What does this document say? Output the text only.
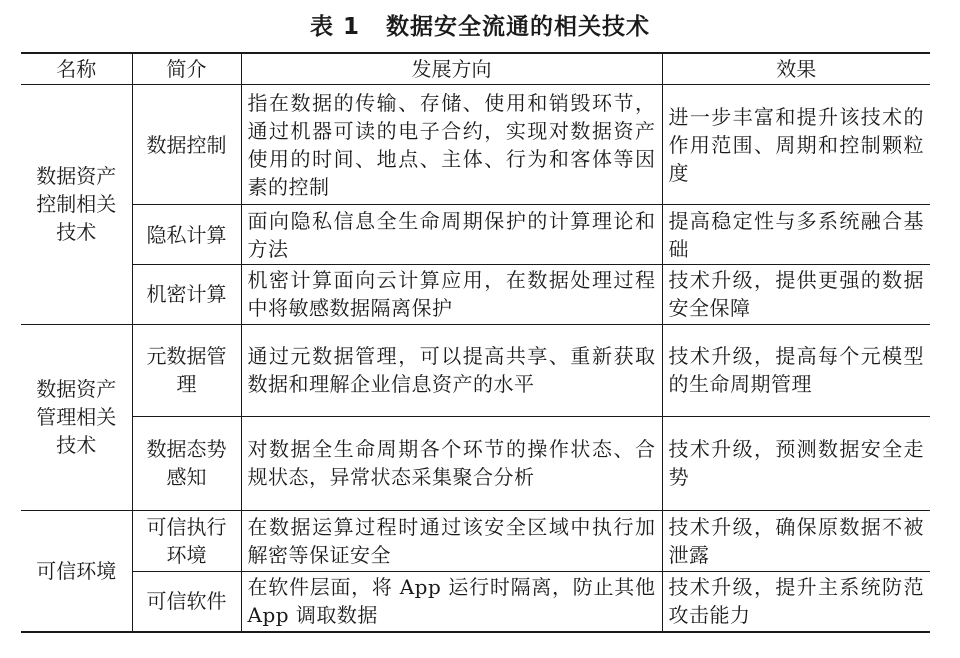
表 1 数据安全流通的相关技术
名称	简介	发展方向	效果
数据资产控制相关技术	数据控制	指在数据的传输、存储、使用和销毁环节，通过机器可读的电子合约，实现对数据资产使用的时间、地点、主体、行为和客体等因素的控制	进一步丰富和提升该技术的作用范围、周期和控制颗粒度
	隐私计算	面向隐私信息全生命周期保护的计算理论和方法	提高稳定性与多系统融合基础
	机密计算	机密计算面向云计算应用，在数据处理过程中将敏感数据隔离保护	技术升级，提供更强的数据安全保障
数据资产管理相关技术	元数据管理	通过元数据管理，可以提高共享、重新获取数据和理解企业信息资产的水平	技术升级，提高每个元模型的生命周期管理
	数据态势感知	对数据全生命周期各个环节的操作状态、合规状态，异常状态采集聚合分析	技术升级，预测数据安全走势
可信环境	可信执行环境	在数据运算过程时通过该安全区域中执行加解密等保证安全	技术升级，确保原数据不被泄露
	可信软件	在软件层面，将 App 运行时隔离，防止其他 App 调取数据	技术升级，提升主系统防范攻击能力
